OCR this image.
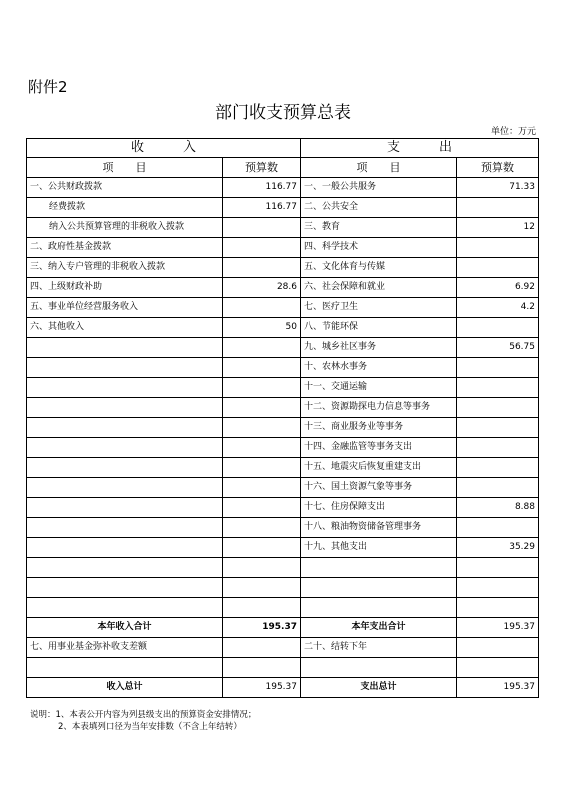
附件2
部门收支预算总表
单位：万元
收　　　入		支　　　出	
项　　目	预算数	项　　目	预算数
一、公共财政拨款	116.77	一、一般公共服务	71.33
经费拨款	116.77	二、公共安全	
纳入公共预算管理的非税收入拨款		三、教育	12
二、政府性基金拨款		四、科学技术	
三、纳入专户管理的非税收入拨款		五、文化体育与传媒	
四、上级财政补助	28.6	六、社会保障和就业	6.92
五、事业单位经营服务收入		七、医疗卫生	4.2
六、其他收入	50	八、节能环保	
		九、城乡社区事务	56.75
		十、农林水事务	
		十一、交通运输	
		十二、资源勘探电力信息等事务	
		十三、商业服务业等事务	
		十四、金融监管等事务支出	
		十五、地震灾后恢复重建支出	
		十六、国土资源气象等事务	
		十七、住房保障支出	8.88
		十八、粮油物资储备管理事务	
		十九、其他支出	35.29

本年收入合计	195.37	本年支出合计	195.37
七、用事业基金弥补收支差额		二十、结转下年	

收入总计	195.37	支出总计	195.37
说明：1、本表公开内容为列县级支出的预算资金安排情况；
2、本表填列口径为当年安排数（不含上年结转）
